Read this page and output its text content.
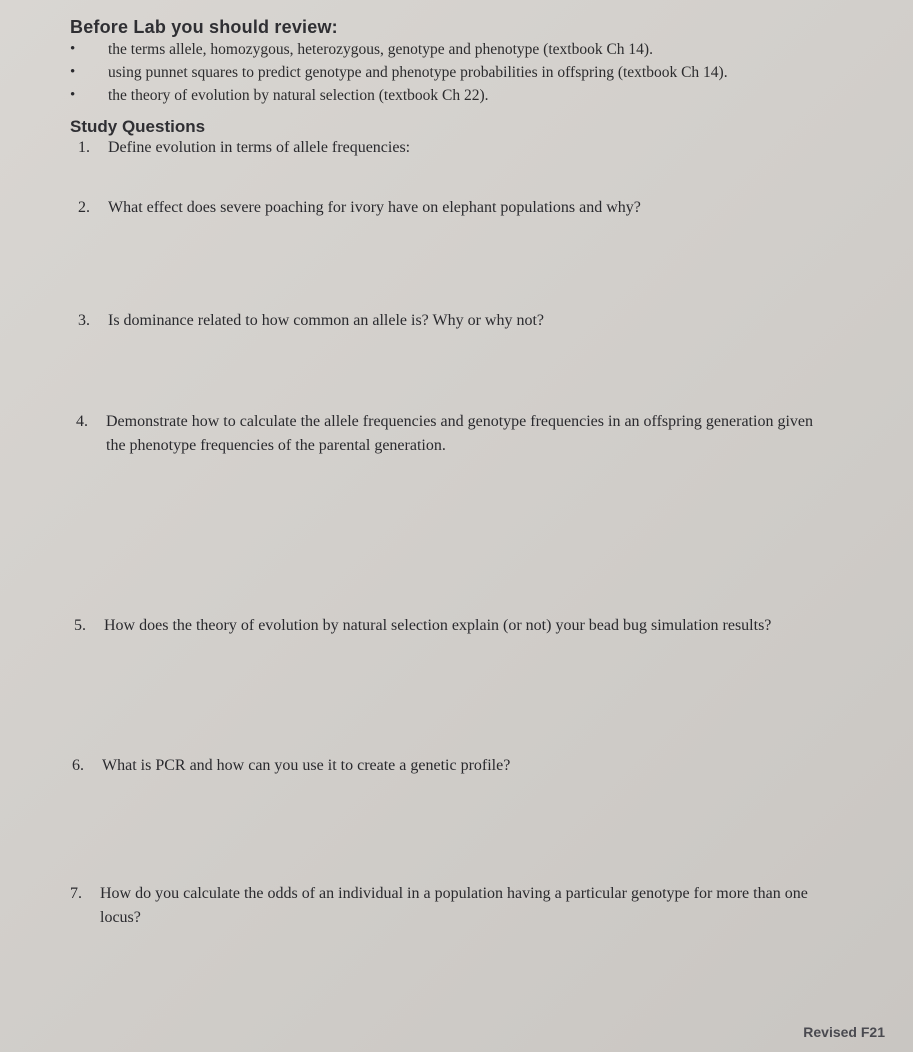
Before Lab you should review:
•	the terms allele, homozygous, heterozygous, genotype and phenotype (textbook Ch 14).
•	using punnet squares to predict genotype and phenotype probabilities in offspring (textbook Ch 14).
•	the theory of evolution by natural selection (textbook Ch 22).
Study Questions
1. Define evolution in terms of allele frequencies:
2. What effect does severe poaching for ivory have on elephant populations and why?
3. Is dominance related to how common an allele is? Why or why not?
4. Demonstrate how to calculate the allele frequencies and genotype frequencies in an offspring generation given the phenotype frequencies of the parental generation.
5. How does the theory of evolution by natural selection explain (or not) your bead bug simulation results?
6. What is PCR and how can you use it to create a genetic profile?
7. How do you calculate the odds of an individual in a population having a particular genotype for more than one locus?
Revised F21
